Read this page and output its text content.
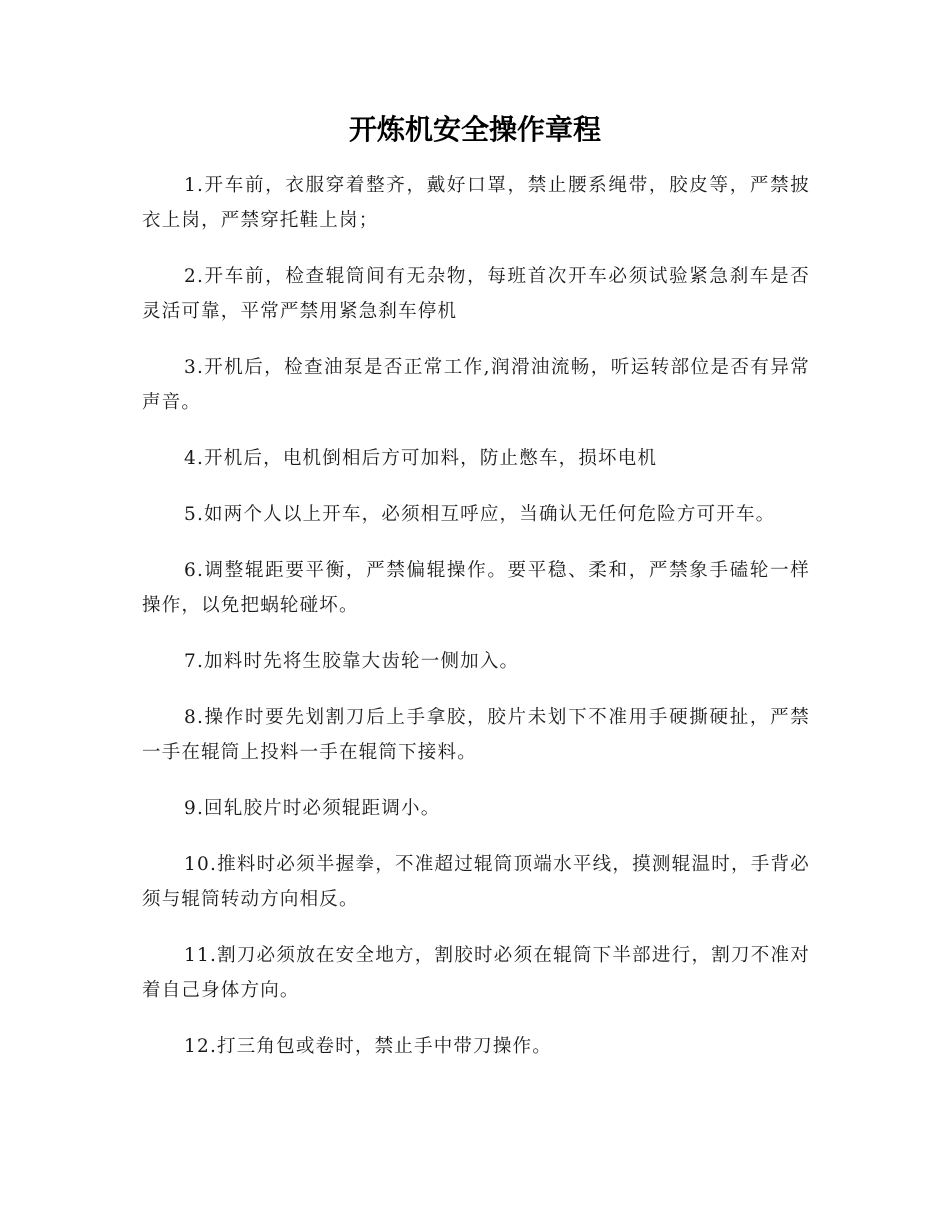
开炼机安全操作章程

1.开车前，衣服穿着整齐，戴好口罩，禁止腰系绳带，胶皮等，严禁披衣上岗，严禁穿托鞋上岗；

2.开车前，检查辊筒间有无杂物，每班首次开车必须试验紧急刹车是否灵活可靠，平常严禁用紧急刹车停机

3.开机后，检查油泵是否正常工作,润滑油流畅，听运转部位是否有异常声音。

4.开机后，电机倒相后方可加料，防止憋车，损坏电机

5.如两个人以上开车，必须相互呼应，当确认无任何危险方可开车。

6.调整辊距要平衡，严禁偏辊操作。要平稳、柔和，严禁象手磕轮一样操作，以免把蜗轮碰坏。

7.加料时先将生胶靠大齿轮一侧加入。

8.操作时要先划割刀后上手拿胶，胶片未划下不准用手硬撕硬扯，严禁一手在辊筒上投料一手在辊筒下接料。

9.回轧胶片时必须辊距调小。

10.推料时必须半握拳，不准超过辊筒顶端水平线，摸测辊温时，手背必须与辊筒转动方向相反。

11.割刀必须放在安全地方，割胶时必须在辊筒下半部进行，割刀不准对着自己身体方向。

12.打三角包或卷时，禁止手中带刀操作。
